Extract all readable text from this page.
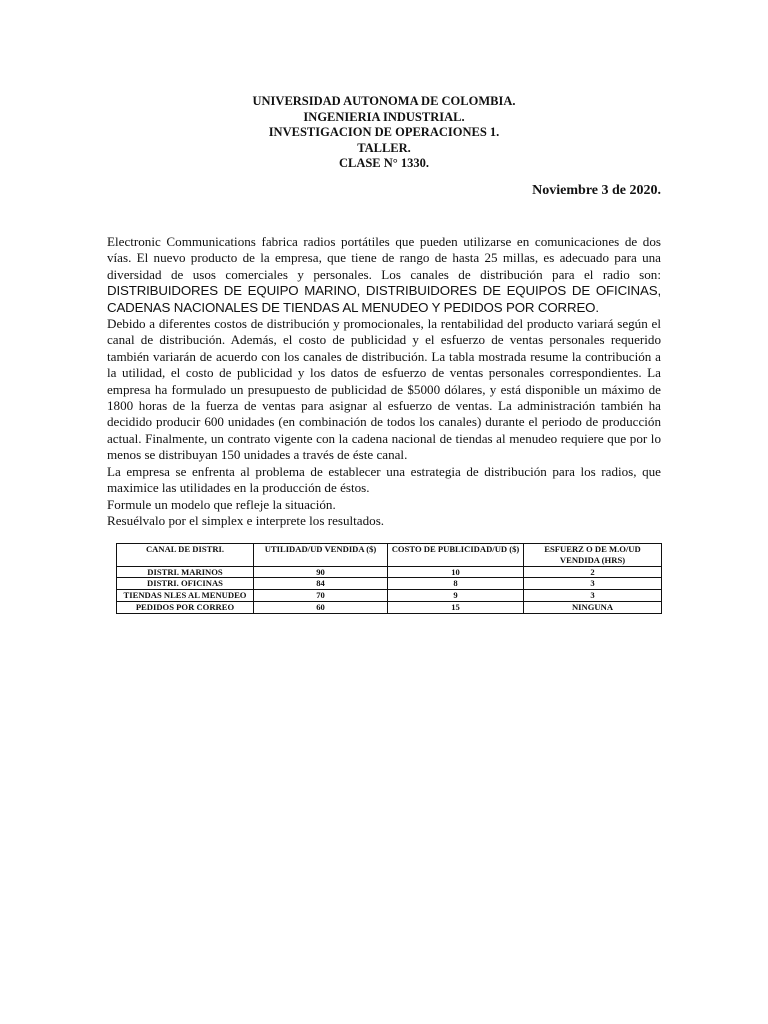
UNIVERSIDAD AUTONOMA DE COLOMBIA.
INGENIERIA INDUSTRIAL.
INVESTIGACION DE OPERACIONES 1.
TALLER.
CLASE N° 1330.
Noviembre 3 de 2020.

Electronic Communications fabrica radios portátiles que pueden utilizarse en comunicaciones de dos vías. El nuevo producto de la empresa, que tiene de rango de hasta 25 millas, es adecuado para una diversidad de usos comerciales y personales. Los canales de distribución para el radio son: DISTRIBUIDORES DE EQUIPO MARINO, DISTRIBUIDORES DE EQUIPOS DE OFICINAS, CADENAS NACIONALES DE TIENDAS AL MENUDEO Y PEDIDOS POR CORREO.

Debido a diferentes costos de distribución y promocionales, la rentabilidad del producto variará según el canal de distribución. Además, el costo de publicidad y el esfuerzo de ventas personales requerido también variarán de acuerdo con los canales de distribución. La tabla mostrada resume la contribución a la utilidad, el costo de publicidad y los datos de esfuerzo de ventas personales correspondientes. La empresa ha formulado un presupuesto de publicidad de $5000 dólares, y está disponible un máximo de 1800 horas de la fuerza de ventas para asignar al esfuerzo de ventas. La administración también ha decidido producir 600 unidades (en combinación de todos los canales) durante el periodo de producción actual. Finalmente, un contrato vigente con la cadena nacional de tiendas al menudeo requiere que por lo menos se distribuyan 150 unidades a través de éste canal.

La empresa se enfrenta al problema de establecer una estrategia de distribución para los radios, que maximice las utilidades en la producción de éstos.

Formule un modelo que refleje la situación.

Resuélvalo por el simplex e interprete los resultados.

CANAL DE DISTRI.	UTILIDAD/UD VENDIDA ($)	COSTO DE PUBLICIDAD/UD ($)	ESFUERZ O DE M.O/UD VENDIDA (HRS)
DISTRI. MARINOS	90	10	2
DISTRI. OFICINAS	84	8	3
TIENDAS NLES AL MENUDEO	70	9	3
PEDIDOS POR CORREO	60	15	NINGUNA
